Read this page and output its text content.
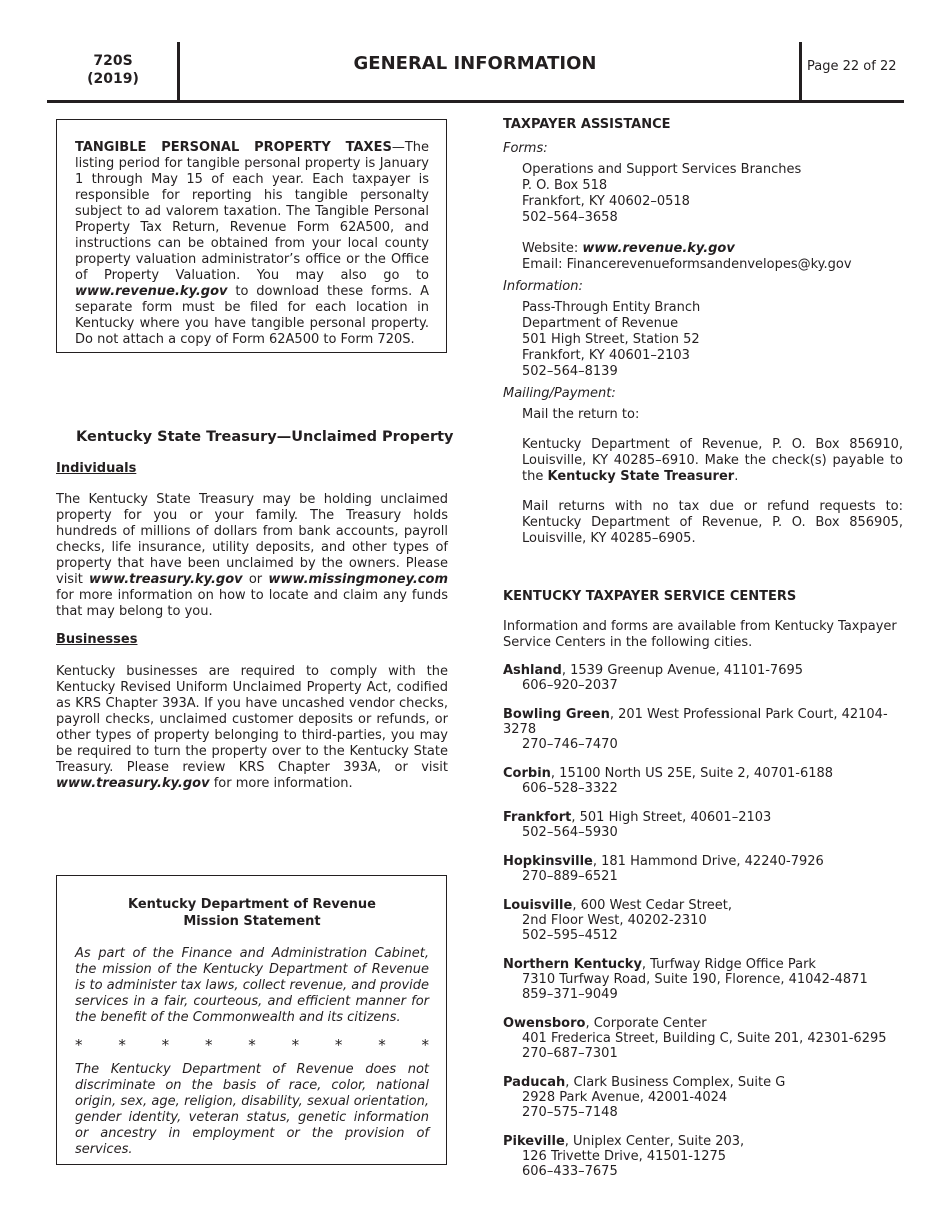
720S
(2019)
GENERAL INFORMATION	Page 22 of 22

TANGIBLE PERSONAL PROPERTY TAXES—The listing period for tangible personal property is January 1 through May 15 of each year. Each taxpayer is responsible for reporting his tangible personalty subject to ad valorem taxation. The Tangible Personal Property Tax Return, Revenue Form 62A500, and instructions can be obtained from your local county property valuation administrator’s office or the Office of Property Valuation. You may also go to www.revenue.ky.gov to download these forms. A separate form must be filed for each location in Kentucky where you have tangible personal property. Do not attach a copy of Form 62A500 to Form 720S.

Kentucky State Treasury—Unclaimed Property
Individuals

The Kentucky State Treasury may be holding unclaimed property for you or your family. The Treasury holds hundreds of millions of dollars from bank accounts, payroll checks, life insurance, utility deposits, and other types of property that have been unclaimed by the owners. Please visit www.treasury.ky.gov or www.missingmoney.com for more information on how to locate and claim any funds that may belong to you.

Businesses

Kentucky businesses are required to comply with the Kentucky Revised Uniform Unclaimed Property Act, codified as KRS Chapter 393A. If you have uncashed vendor checks, payroll checks, unclaimed customer deposits or refunds, or other types of property belonging to third-parties, you may be required to turn the property over to the Kentucky State Treasury. Please review KRS Chapter 393A, or visit www.treasury.ky.gov for more information.

Kentucky Department of Revenue
Mission Statement

As part of the Finance and Administration Cabinet, the mission of the Kentucky Department of Revenue is to administer tax laws, collect revenue, and provide services in a fair, courteous, and efficient manner for the benefit of the Commonwealth and its citizens.

* * * * * * * * *

The Kentucky Department of Revenue does not discriminate on the basis of race, color, national origin, sex, age, religion, disability, sexual orientation, gender identity, veteran status, genetic information or ancestry in employment or the provision of services.

TAXPAYER ASSISTANCE
Forms:
Operations and Support Services Branches
P. O. Box 518
Frankfort, KY 40602–0518
502–564–3658
Website: www.revenue.ky.gov
Email: Financerevenueformsandenvelopes@ky.gov
Information:
Pass-Through Entity Branch
Department of Revenue
501 High Street, Station 52
Frankfort, KY 40601–2103
502–564–8139
Mailing/Payment:

Mail the return to:

Kentucky Department of Revenue, P. O. Box 856910, Louisville, KY 40285–6910. Make the check(s) payable to the Kentucky State Treasurer.

Mail returns with no tax due or refund requests to: Kentucky Department of Revenue, P. O. Box 856905, Louisville, KY 40285–6905.

KENTUCKY TAXPAYER SERVICE CENTERS
Information and forms are available from Kentucky Taxpayer Service Centers in the following cities.
Ashland, 1539 Greenup Avenue, 41101-7695
606–920–2037
Bowling Green, 201 West Professional Park Court, 42104-3278
270–746–7470
Corbin, 15100 North US 25E, Suite 2, 40701-6188
606–528–3322
Frankfort, 501 High Street, 40601–2103
502–564–5930
Hopkinsville, 181 Hammond Drive, 42240-7926
270–889–6521
Louisville, 600 West Cedar Street,
2nd Floor West, 40202-2310
502–595–4512
Northern Kentucky, Turfway Ridge Office Park
7310 Turfway Road, Suite 190, Florence, 41042-4871
859–371–9049
Owensboro, Corporate Center
401 Frederica Street, Building C, Suite 201, 42301-6295
270–687–7301
Paducah, Clark Business Complex, Suite G
2928 Park Avenue, 42001-4024
270–575–7148
Pikeville, Uniplex Center, Suite 203,
126 Trivette Drive, 41501-1275
606–433–7675
